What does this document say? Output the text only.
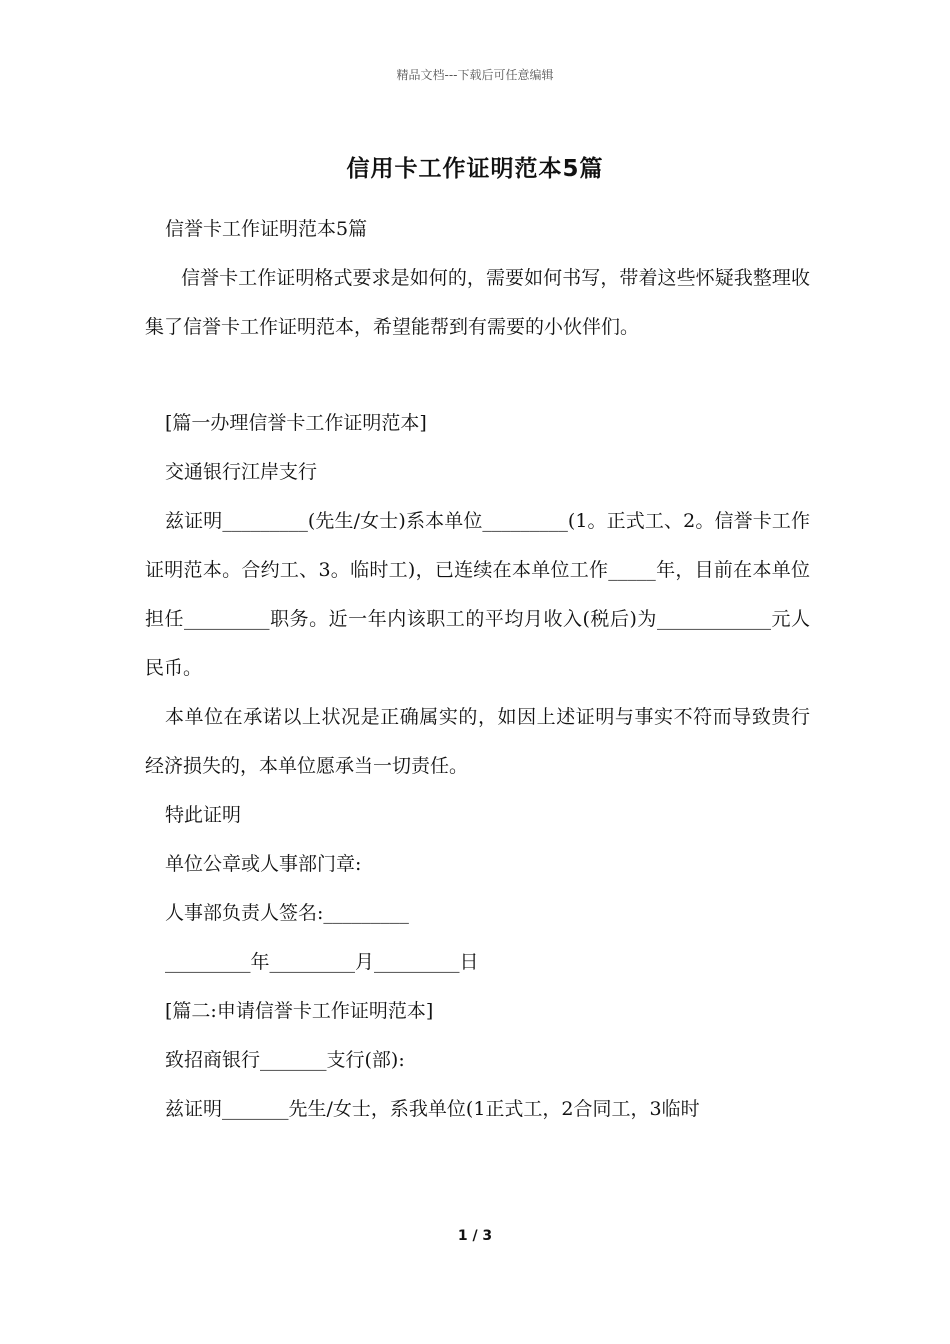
精品文档---下载后可任意编辑
信用卡工作证明范本5篇

信誉卡工作证明范本5篇

信誉卡工作证明格式要求是如何的，需要如何书写，带着这些怀疑我整理收集了信誉卡工作证明范本，希望能帮到有需要的小伙伴们。

[篇一办理信誉卡工作证明范本]

交通银行江岸支行

兹证明_________(先生/女士)系本单位_________(1。正式工、2。信誉卡工作证明范本。合约工、3。临时工)，已连续在本单位工作_____年，目前在本单位担任_________职务。近一年内该职工的平均月收入(税后)为____________元人民币。

本单位在承诺以上状况是正确属实的，如因上述证明与事实不符而导致贵行经济损失的，本单位愿承当一切责任。

特此证明

单位公章或人事部门章:

人事部负责人签名:_________

_________年_________月_________日

[篇二:申请信誉卡工作证明范本]

致招商银行_______支行(部):

兹证明_______先生/女士，系我单位(1正式工，2合同工，3临时

1 / 3
